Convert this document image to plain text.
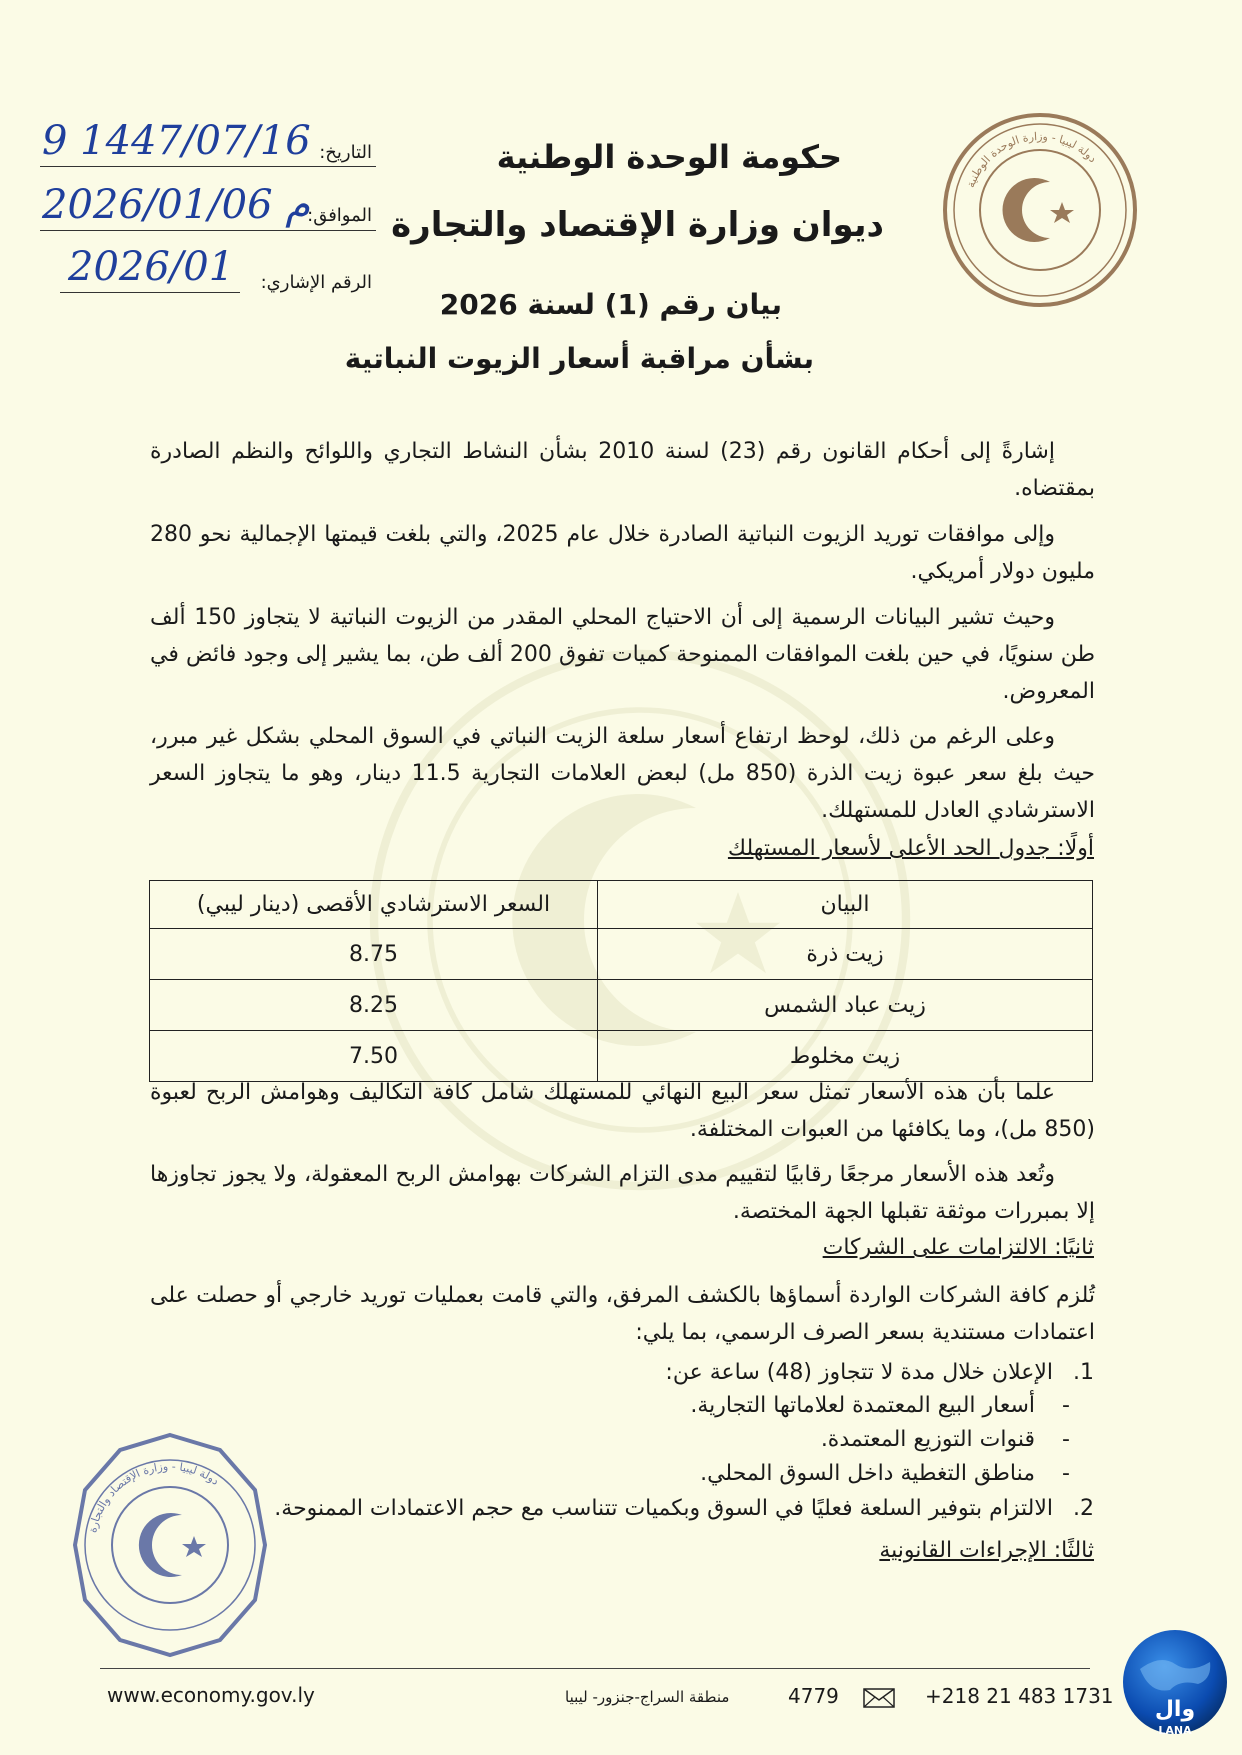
دولة ليبيا - وزارة الوحدة الوطنية
حكومة الوحدة الوطنية
ديوان وزارة الإقتصاد والتجارة
بيان رقم (1) لسنة 2026
بشأن مراقبة أسعار الزيوت النباتية
التاريخ:
9 1447/07/16
الموافق:
م 2026/01/06
الرقم الإشاري:
2026/01
إشارةً إلى أحكام القانون رقم (23) لسنة 2010 بشأن النشاط التجاري واللوائح والنظم الصادرة بمقتضاه.
وإلى موافقات توريد الزيوت النباتية الصادرة خلال عام 2025، والتي بلغت قيمتها الإجمالية نحو 280 مليون دولار أمريكي.
وحيث تشير البيانات الرسمية إلى أن الاحتياج المحلي المقدر من الزيوت النباتية لا يتجاوز 150 ألف طن سنويًا، في حين بلغت الموافقات الممنوحة كميات تفوق 200 ألف طن، بما يشير إلى وجود فائض في المعروض.
وعلى الرغم من ذلك، لوحظ ارتفاع أسعار سلعة الزيت النباتي في السوق المحلي بشكل غير مبرر، حيث بلغ سعر عبوة زيت الذرة (850 مل) لبعض العلامات التجارية 11.5 دينار، وهو ما يتجاوز السعر الاسترشادي العادل للمستهلك.
أولًا: جدول الحد الأعلى لأسعار المستهلك
البيان	السعر الاسترشادي الأقصى (دينار ليبي)
زيت ذرة	8.75
زيت عباد الشمس	8.25
زيت مخلوط	7.50
علما بأن هذه الأسعار تمثل سعر البيع النهائي للمستهلك شامل كافة التكاليف وهوامش الربح لعبوة (850 مل)، وما يكافئها من العبوات المختلفة.
وتُعد هذه الأسعار مرجعًا رقابيًا لتقييم مدى التزام الشركات بهوامش الربح المعقولة، ولا يجوز تجاوزها إلا بمبررات موثقة تقبلها الجهة المختصة.
ثانيًا: الالتزامات على الشركات
تُلزم كافة الشركات الواردة أسماؤها بالكشف المرفق، والتي قامت بعمليات توريد خارجي أو حصلت على اعتمادات مستندية بسعر الصرف الرسمي، بما يلي:
1. الإعلان خلال مدة لا تتجاوز (48) ساعة عن:
- أسعار البيع المعتمدة لعلاماتها التجارية.
- قنوات التوزيع المعتمدة.
- مناطق التغطية داخل السوق المحلي.
2. الالتزام بتوفير السلعة فعليًا في السوق وبكميات تتناسب مع حجم الاعتمادات الممنوحة.
ثالثًا: الإجراءات القانونية
دولة ليبيا - وزارة الإقتصاد والتجارة
www.economy.gov.ly	منطقة السراج-جنزور- ليبيا	4779	+218 21 483 1731
وال
LANA
